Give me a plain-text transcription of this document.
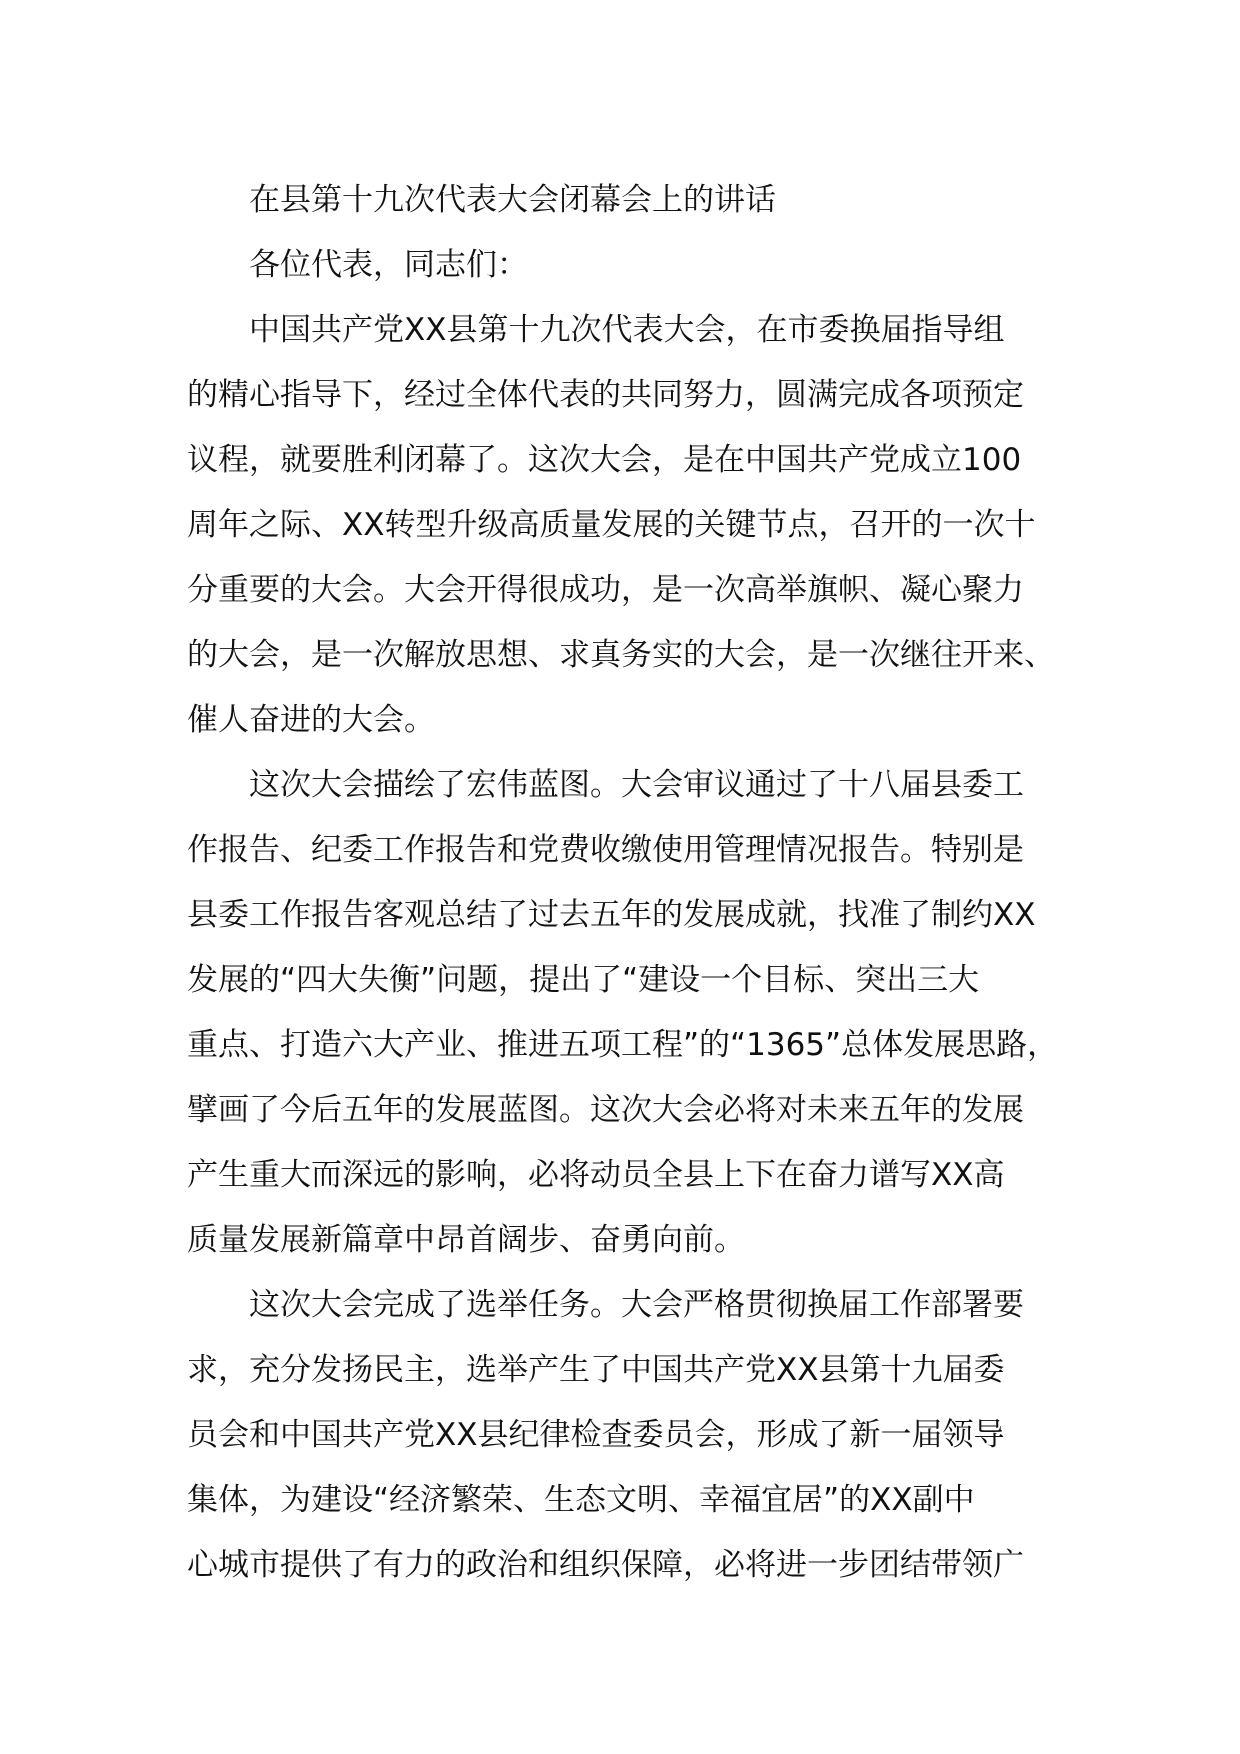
在县第十九次代表大会闭幕会上的讲话
各位代表，同志们：
中国共产党XX县第十九次代表大会，在市委换届指导组
的精心指导下，经过全体代表的共同努力，圆满完成各项预定
议程，就要胜利闭幕了。这次大会，是在中国共产党成立100
周年之际、XX转型升级高质量发展的关键节点，召开的一次十
分重要的大会。大会开得很成功，是一次高举旗帜、凝心聚力
的大会，是一次解放思想、求真务实的大会，是一次继往开来、
催人奋进的大会。
这次大会描绘了宏伟蓝图。大会审议通过了十八届县委工
作报告、纪委工作报告和党费收缴使用管理情况报告。特别是
县委工作报告客观总结了过去五年的发展成就，找准了制约XX
发展的“四大失衡”问题，提出了“建设一个目标、突出三大
重点、打造六大产业、推进五项工程”的“1365”总体发展思路，
擘画了今后五年的发展蓝图。这次大会必将对未来五年的发展
产生重大而深远的影响，必将动员全县上下在奋力谱写XX高
质量发展新篇章中昂首阔步、奋勇向前。
这次大会完成了选举任务。大会严格贯彻换届工作部署要
求，充分发扬民主，选举产生了中国共产党XX县第十九届委
员会和中国共产党XX县纪律检查委员会，形成了新一届领导
集体，为建设“经济繁荣、生态文明、幸福宜居”的XX副中
心城市提供了有力的政治和组织保障，必将进一步团结带领广
